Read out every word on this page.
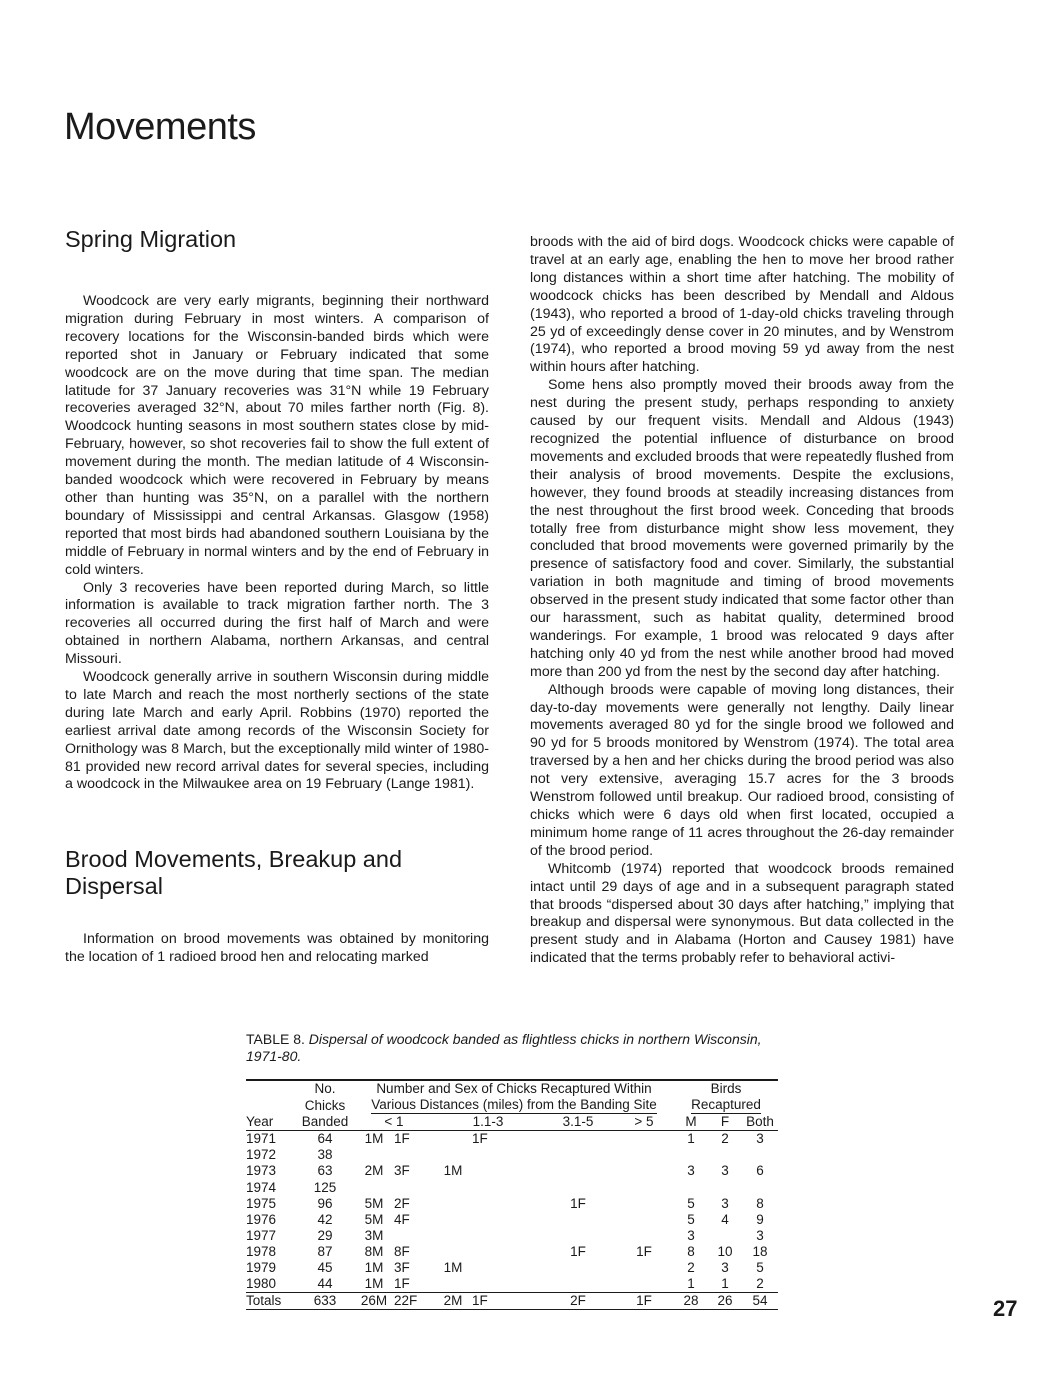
Movements
Spring Migration

Woodcock are very early migrants, beginning their northward migration during February in most winters. A comparison of recovery locations for the Wisconsin-banded birds which were reported shot in January or February indicated that some woodcock are on the move during that time span. The median latitude for 37 January recoveries was 31°N while 19 February recoveries averaged 32°N, about 70 miles farther north (Fig. 8). Woodcock hunting seasons in most southern states close by mid-February, however, so shot recoveries fail to show the full extent of movement during the month. The median latitude of 4 Wisconsin-banded woodcock which were recovered in February by means other than hunting was 35°N, on a parallel with the northern boundary of Mississippi and central Arkansas. Glasgow (1958) reported that most birds had abandoned southern Louisiana by the middle of February in normal winters and by the end of February in cold winters.

Only 3 recoveries have been reported during March, so little information is available to track migration farther north. The 3 recoveries all occurred during the first half of March and were obtained in northern Alabama, northern Arkansas, and central Missouri.

Woodcock generally arrive in southern Wisconsin during middle to late March and reach the most northerly sections of the state during late March and early April. Robbins (1970) reported the earliest arrival date among records of the Wisconsin Society for Ornithology was 8 March, but the exceptionally mild winter of 1980-81 provided new record arrival dates for several species, including a woodcock in the Milwaukee area on 19 February (Lange 1981).

Brood Movements, Breakup and
Dispersal

Information on brood movements was obtained by monitoring the location of 1 radioed brood hen and relocating marked

broods with the aid of bird dogs. Woodcock chicks were capable of travel at an early age, enabling the hen to move her brood rather long distances within a short time after hatching. The mobility of woodcock chicks has been described by Mendall and Aldous (1943), who reported a brood of 1-day-old chicks traveling through 25 yd of exceedingly dense cover in 20 minutes, and by Wenstrom (1974), who reported a brood moving 59 yd away from the nest within hours after hatching.

Some hens also promptly moved their broods away from the nest during the present study, perhaps responding to anxiety caused by our frequent visits. Mendall and Aldous (1943) recognized the potential influence of disturbance on brood movements and excluded broods that were repeatedly flushed from their analysis of brood movements. Despite the exclusions, however, they found broods at steadily increasing distances from the nest throughout the first brood week. Conceding that broods totally free from disturbance might show less movement, they concluded that brood movements were governed primarily by the presence of satisfactory food and cover. Similarly, the substantial variation in both magnitude and timing of brood movements observed in the present study indicated that some factor other than our harassment, such as habitat quality, determined brood wanderings. For example, 1 brood was relocated 9 days after hatching only 40 yd from the nest while another brood had moved more than 200 yd from the nest by the second day after hatching.

Although broods were capable of moving long distances, their day-to-day movements were generally not lengthy. Daily linear movements averaged 80 yd for the single brood we followed and 90 yd for 5 broods monitored by Wenstrom (1974). The total area traversed by a hen and her chicks during the brood period was also not very extensive, averaging 15.7 acres for the 3 broods Wenstrom followed until breakup. Our radioed brood, consisting of chicks which were 6 days old when first located, occupied a minimum home range of 11 acres throughout the 26-day remainder of the brood period.

Whitcomb (1974) reported that woodcock broods remained intact until 29 days of age and in a subsequent paragraph stated that broods “dispersed about 30 days after hatching,” implying that breakup and dispersal were synonymous. But data collected in the present study and in Alabama (Horton and Causey 1981) have indicated that the terms probably refer to behavioral activi-

TABLE 8. Dispersal of woodcock banded as flightless chicks in northern Wisconsin, 1971-80.

	No.	Number and Sex of Chicks Recaptured Within						Birds		
	Chicks	Various Distances (miles) from the Banding Site						Recaptured		
Year	Banded	< 1		1.1-3		3.1-5	> 5	M	F	Both
1971	64	1M	1F		1F			1	2	3
1972	38									
1973	63	2M	3F	1M				3	3	6
1974	125									
1975	96	5M	2F			1F		5	3	8
1976	42	5M	4F					5	4	9
1977	29	3M						3		3
1978	87	8M	8F			1F	1F	8	10	18
1979	45	1M	3F	1M				2	3	5
1980	44	1M	1F					1	1	2
Totals	633	26M	22F	2M	1F	2F	1F	28	26	54	27
